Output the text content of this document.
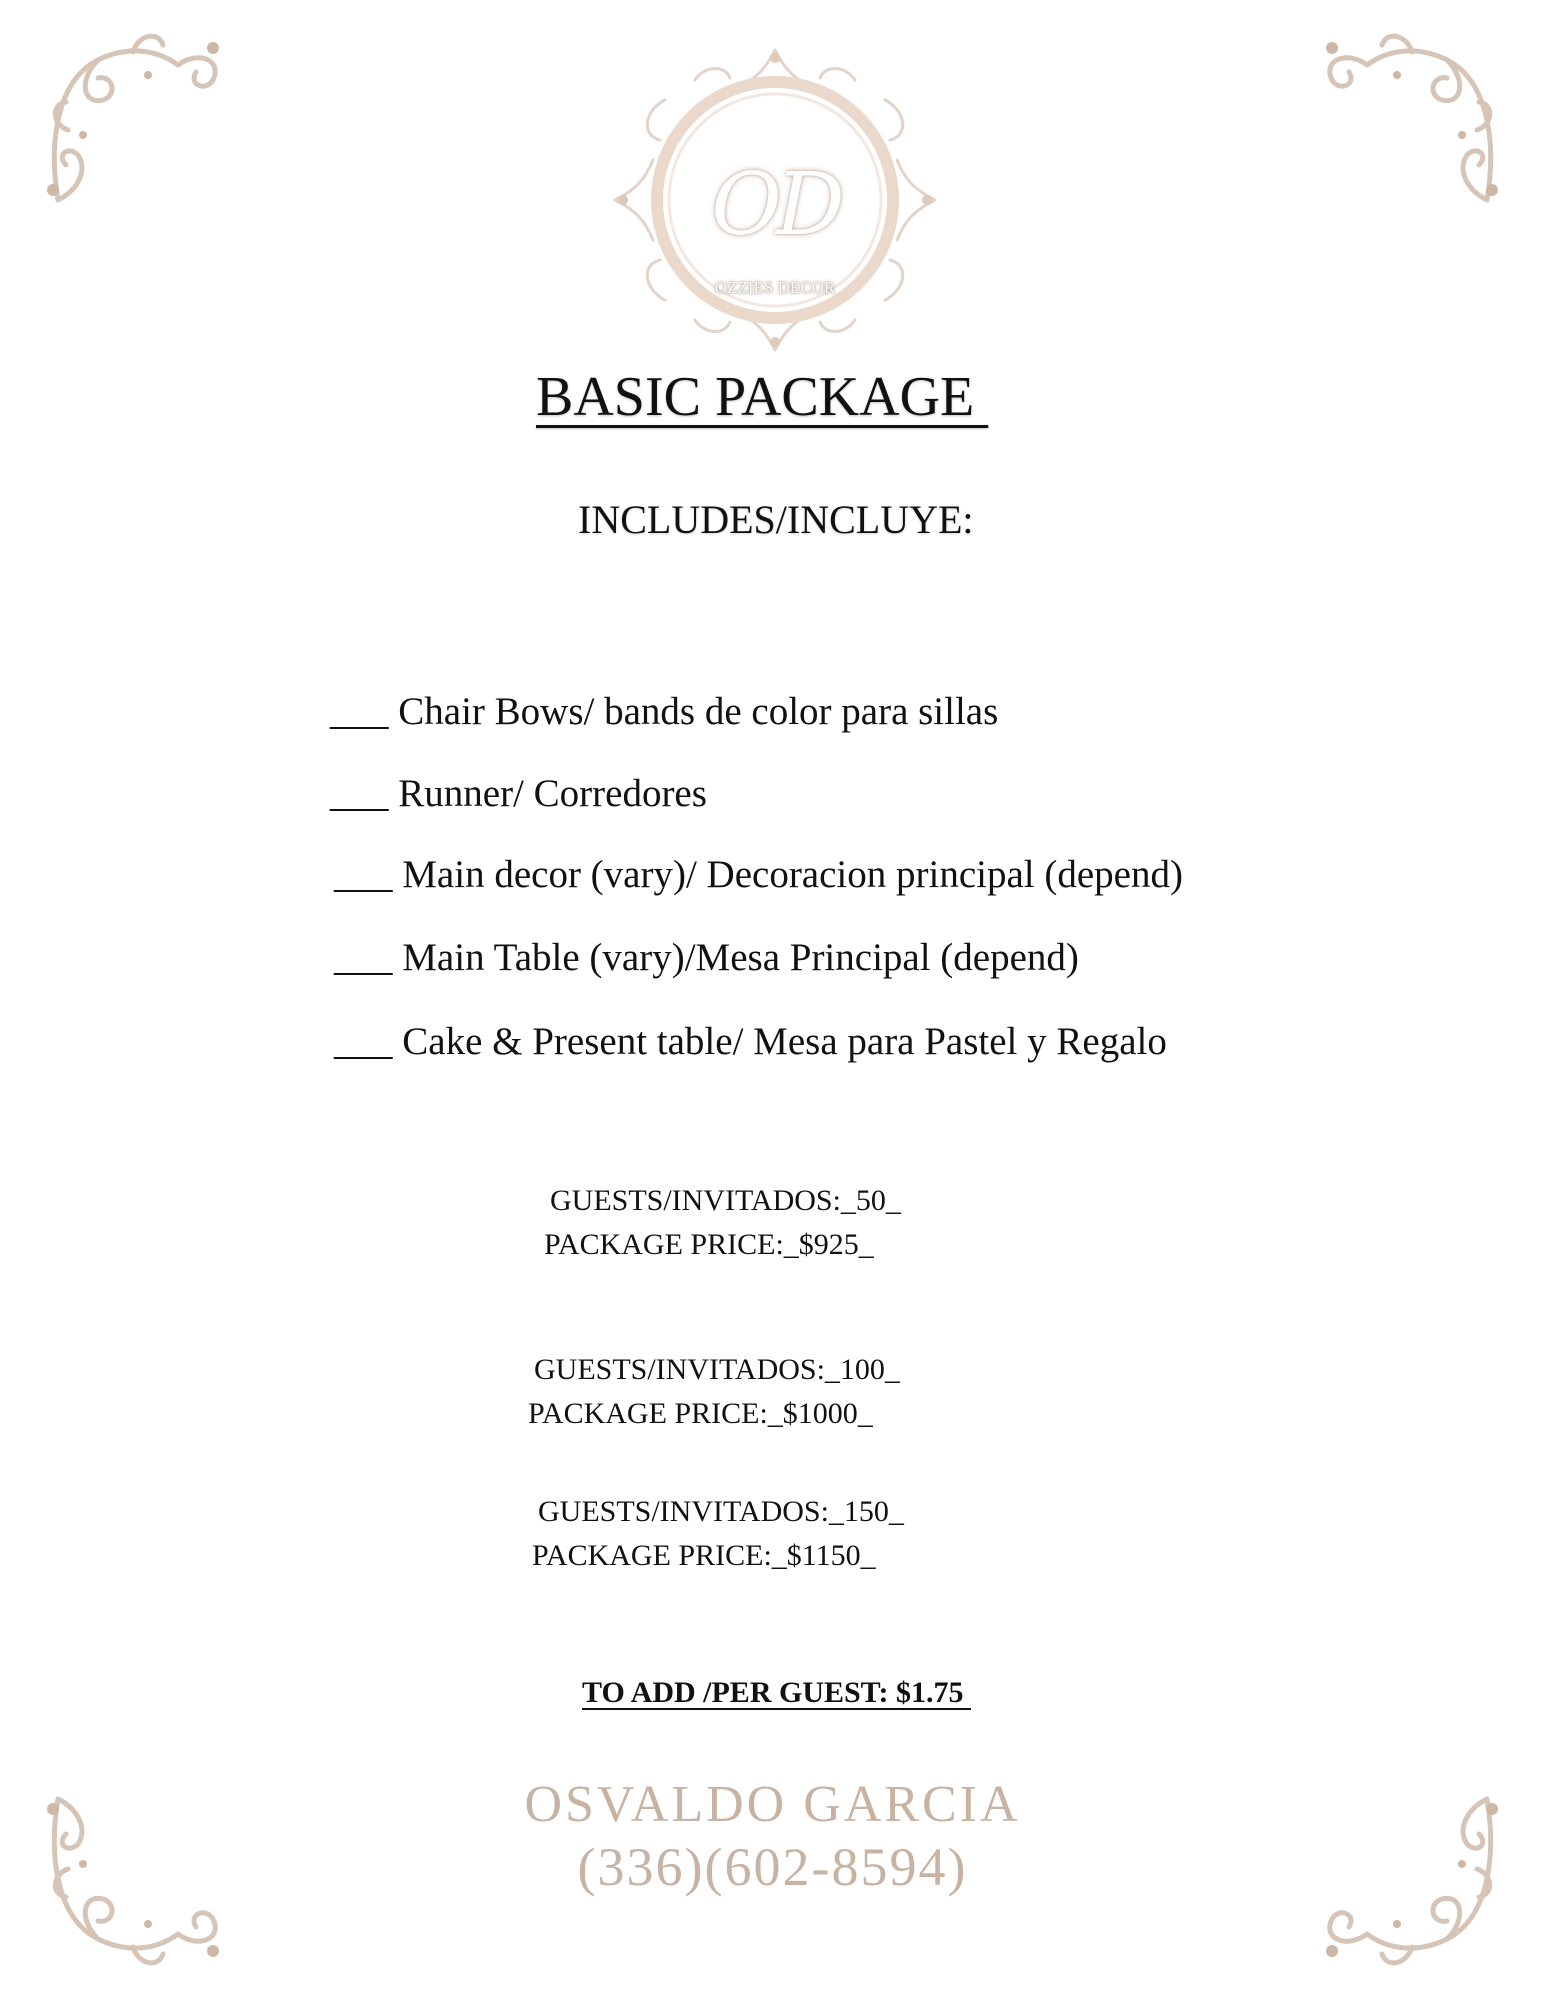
OD
OZZIES DECOR
BASIC PACKAGE
INCLUDES/INCLUYE:
___ Chair Bows/ bands de color para sillas
___ Runner/ Corredores
___ Main decor (vary)/ Decoracion principal (depend)
___ Main Table (vary)/Mesa Principal (depend)
___ Cake & Present table/ Mesa para Pastel y Regalo
GUESTS/INVITADOS:_50_
PACKAGE PRICE:_$925_
GUESTS/INVITADOS:_100_
PACKAGE PRICE:_$1000_
GUESTS/INVITADOS:_150_
PACKAGE PRICE:_$1150_
TO ADD /PER GUEST: $1.75
OSVALDO GARCIA
(336)(602-8594)
